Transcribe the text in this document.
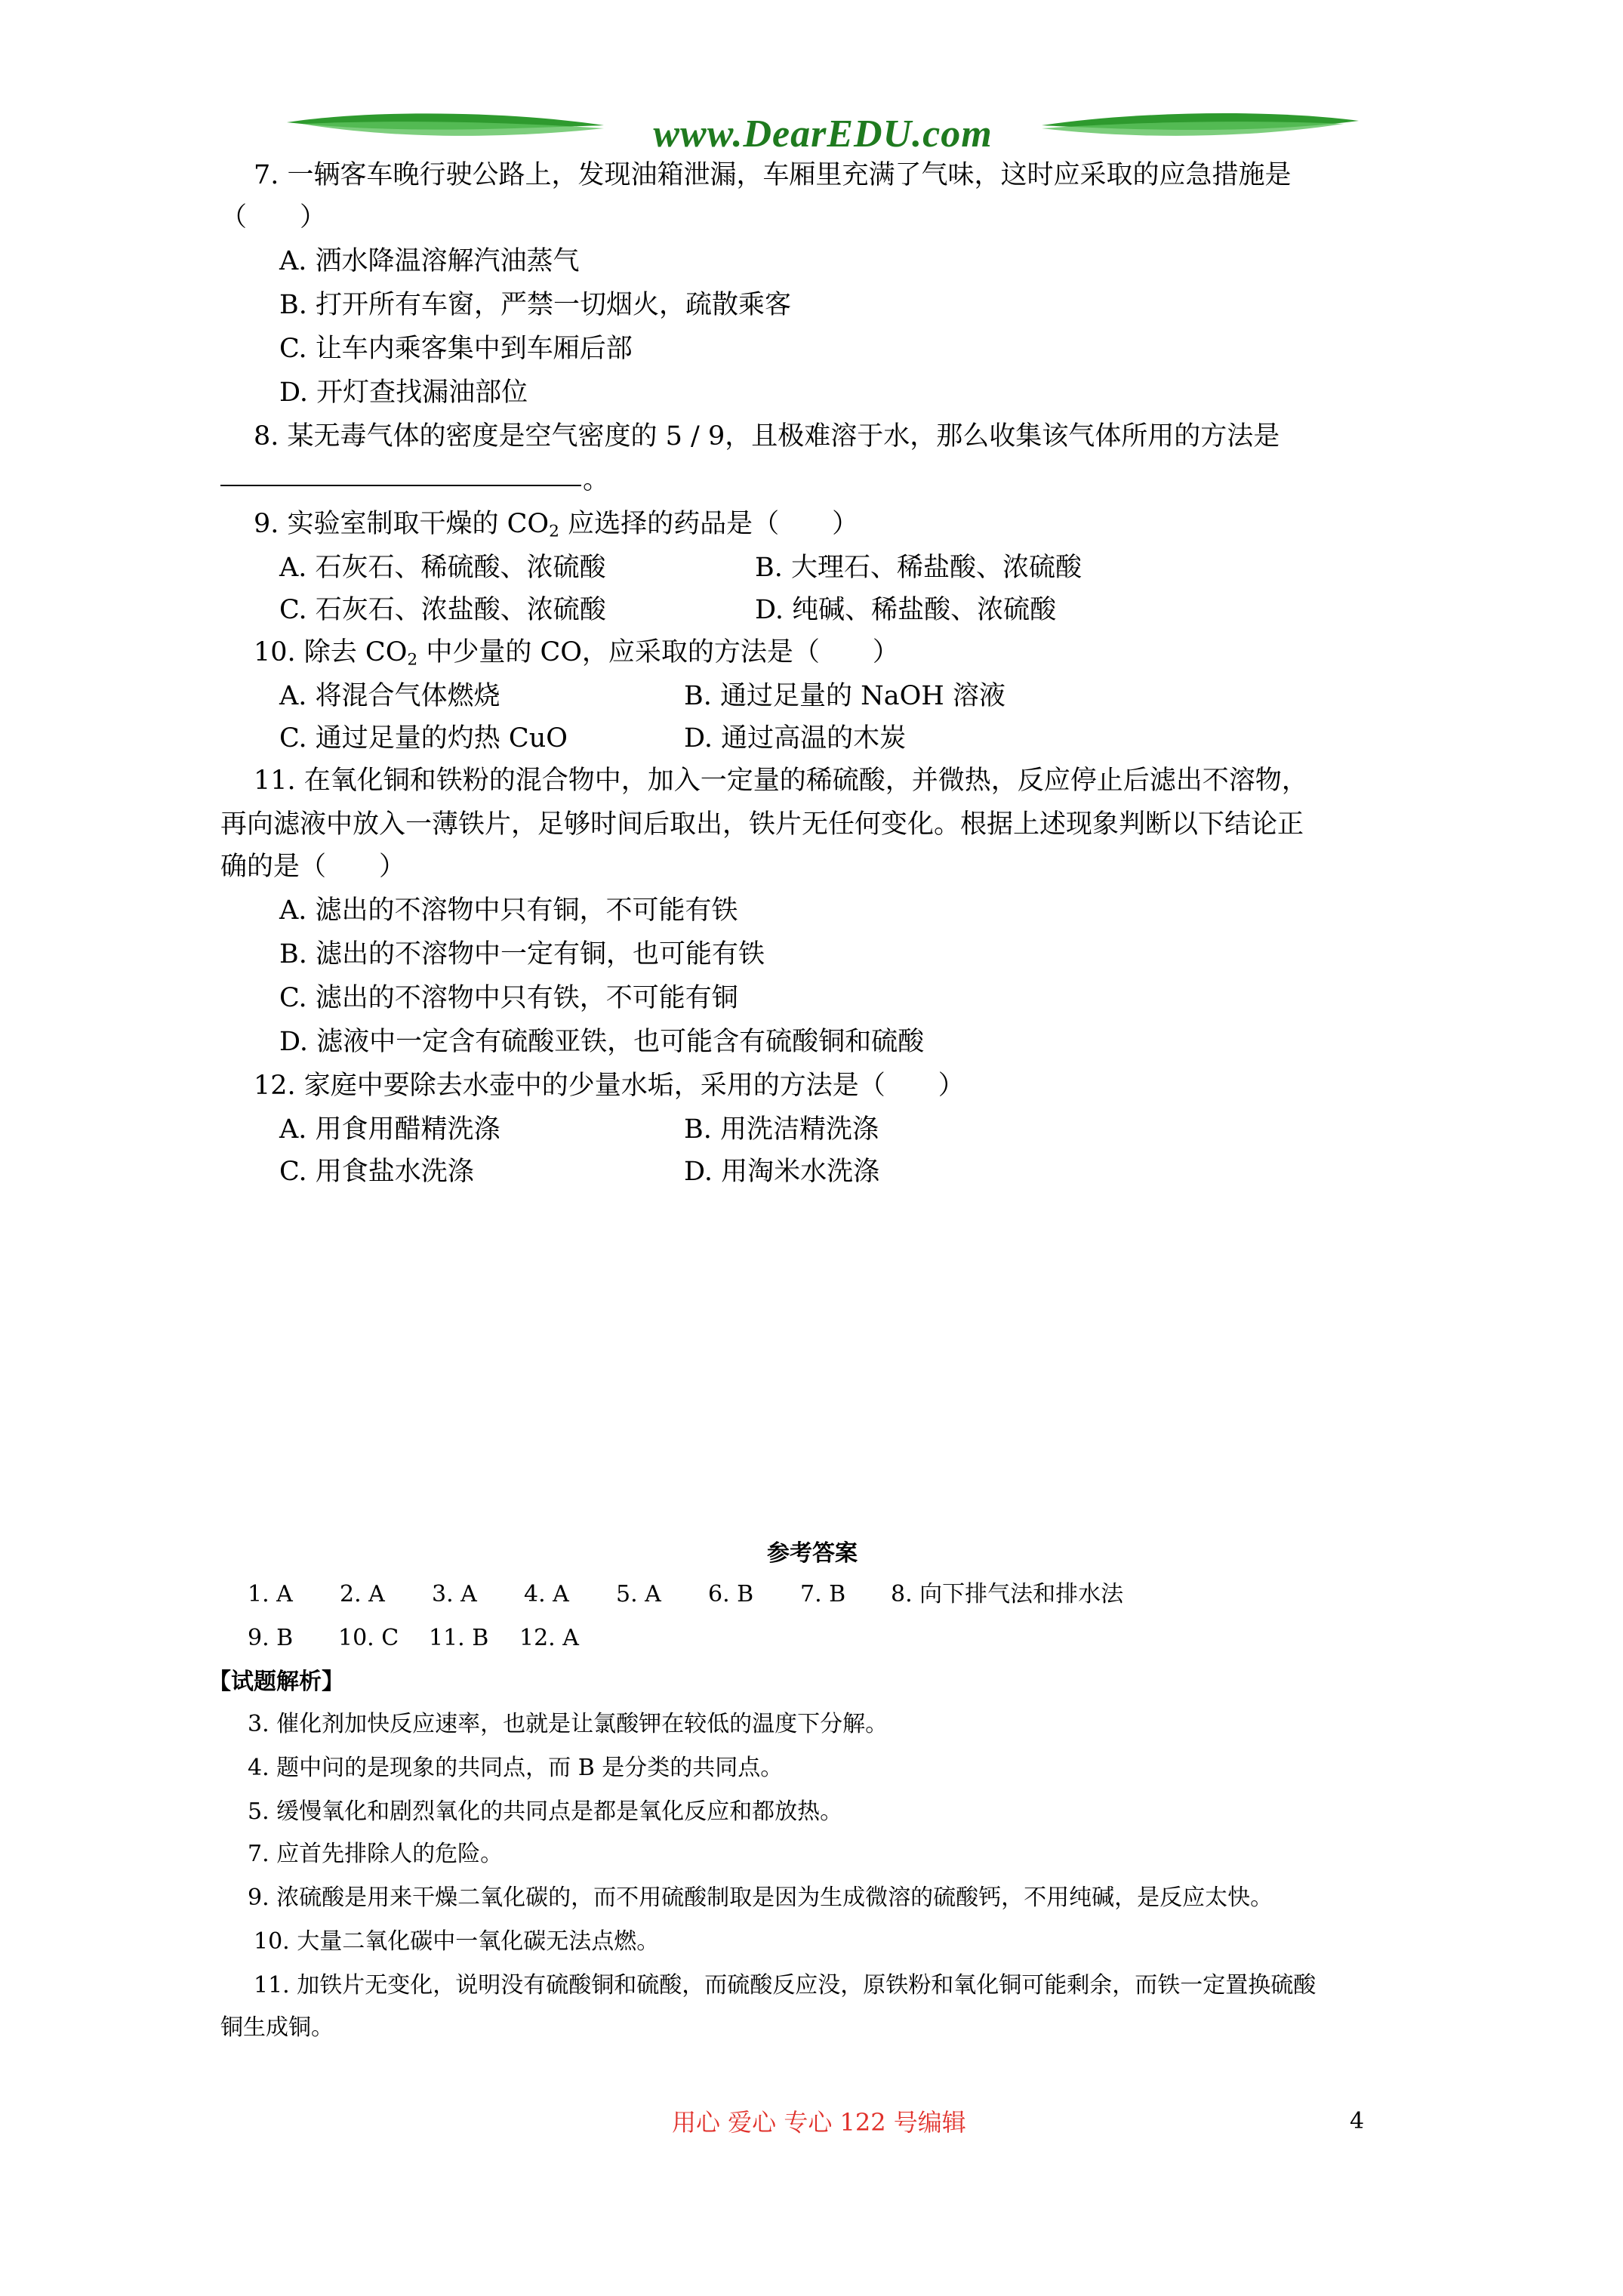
www.DearEDU.com
7. 一辆客车晚行驶公路上，发现油箱泄漏，车厢里充满了气味，这时应采取的应急措施是
（　　）
A. 洒水降温溶解汽油蒸气
B. 打开所有车窗，严禁一切烟火，疏散乘客
C. 让车内乘客集中到车厢后部
D. 开灯查找漏油部位
8. 某无毒气体的密度是空气密度的 5 / 9，且极难溶于水，那么收集该气体所用的方法是
。
9. 实验室制取干燥的 $CO_2$ 应选择的药品是（　　）
A. 石灰石、稀硫酸、浓硫酸	B. 大理石、稀盐酸、浓硫酸
C. 石灰石、浓盐酸、浓硫酸	D. 纯碱、稀盐酸、浓硫酸
10. 除去 $CO_2$ 中少量的 CO，应采取的方法是（　　）
A. 将混合气体燃烧	B. 通过足量的 NaOH 溶液
C. 通过足量的灼热 CuO	D. 通过高温的木炭
11. 在氧化铜和铁粉的混合物中，加入一定量的稀硫酸，并微热，反应停止后滤出不溶物，
再向滤液中放入一薄铁片，足够时间后取出，铁片无任何变化。根据上述现象判断以下结论正
确的是（　　）
A. 滤出的不溶物中只有铜，不可能有铁
B. 滤出的不溶物中一定有铜，也可能有铁
C. 滤出的不溶物中只有铁，不可能有铜
D. 滤液中一定含有硫酸亚铁，也可能含有硫酸铜和硫酸
12. 家庭中要除去水壶中的少量水垢，采用的方法是（　　）
A. 用食用醋精洗涤	B. 用洗洁精洗涤
C. 用食盐水洗涤	D. 用淘米水洗涤
参考答案
1. A 2. A 3. A 4. A 5. A 6. B 7. B 8. 向下排气法和排水法
9. B 10. C 11. B 12. A
【试题解析】
3. 催化剂加快反应速率，也就是让氯酸钾在较低的温度下分解。
4. 题中问的是现象的共同点，而 B 是分类的共同点。
5. 缓慢氧化和剧烈氧化的共同点是都是氧化反应和都放热。
7. 应首先排除人的危险。
9. 浓硫酸是用来干燥二氧化碳的，而不用硫酸制取是因为生成微溶的硫酸钙，不用纯碱，是反应太快。
10. 大量二氧化碳中一氧化碳无法点燃。
11. 加铁片无变化，说明没有硫酸铜和硫酸，而硫酸反应没，原铁粉和氧化铜可能剩余，而铁一定置换硫酸
铜生成铜。
用心 爱心 专心 122 号编辑	4
